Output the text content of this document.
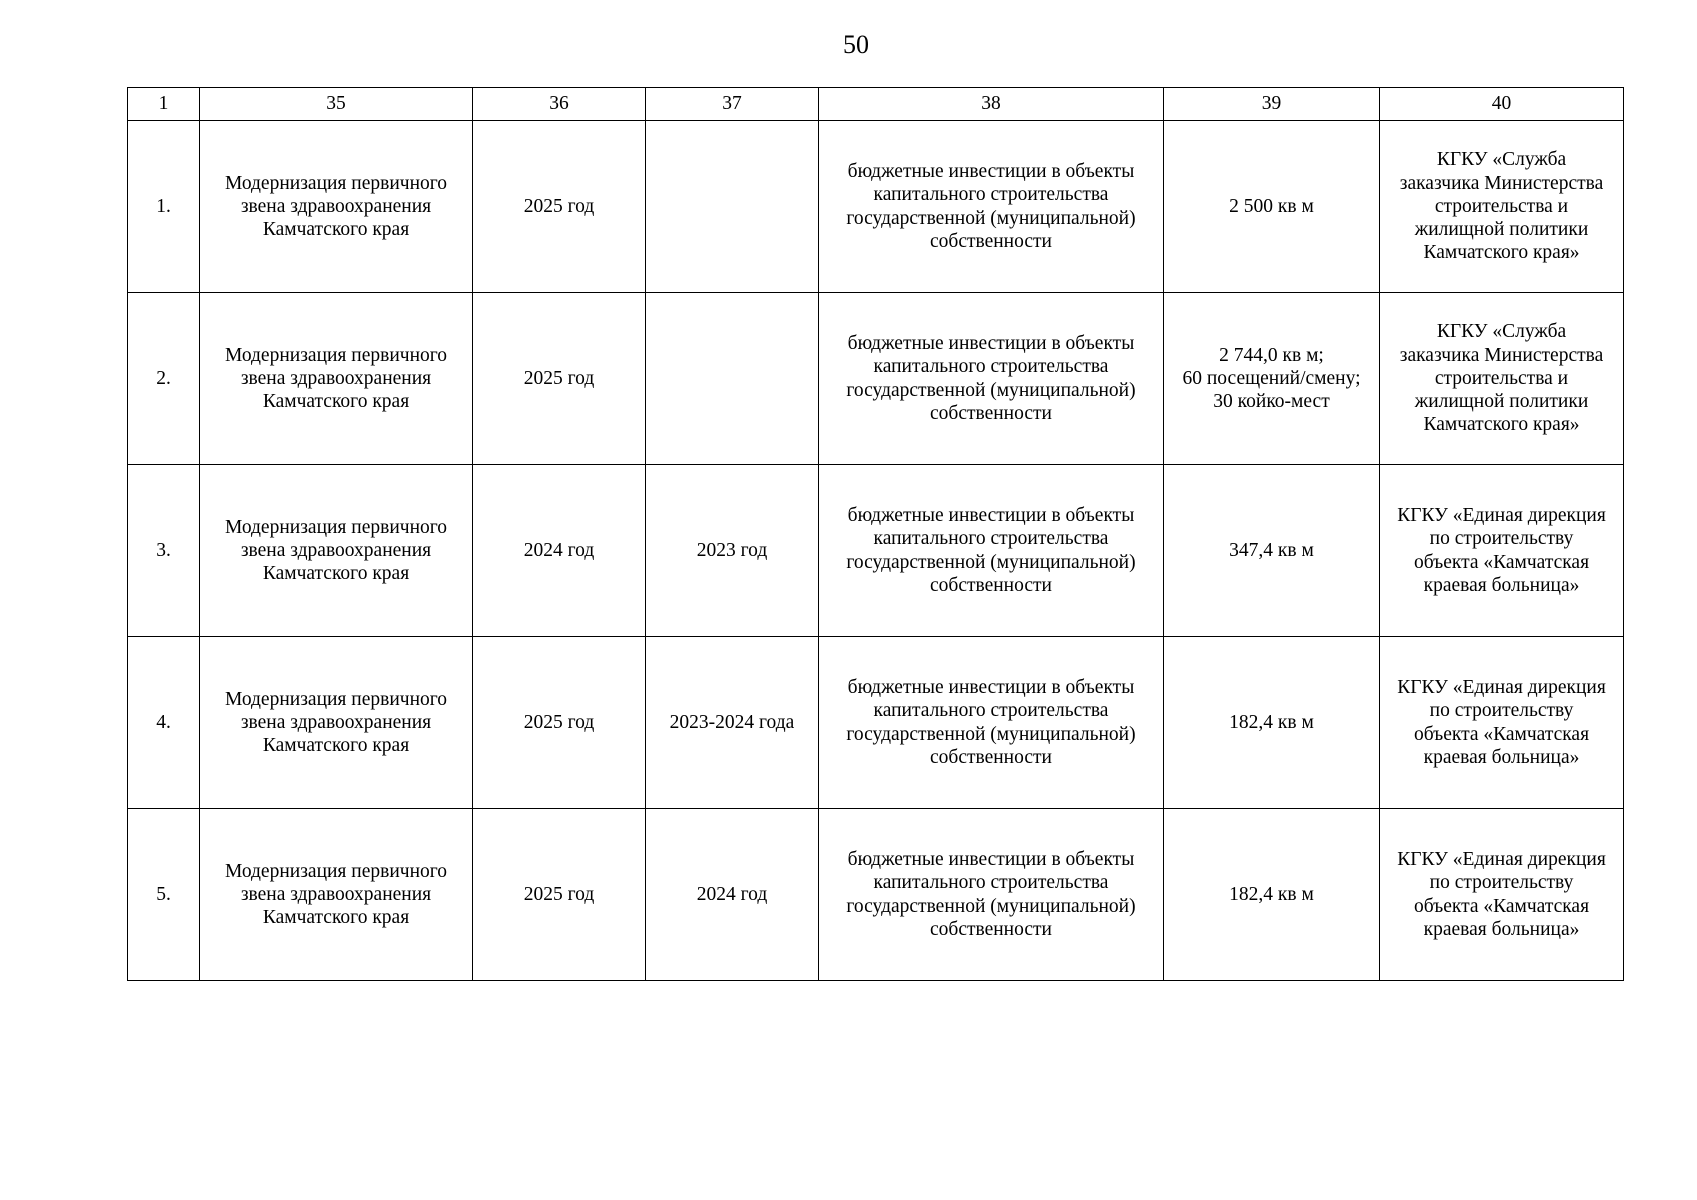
50
1	35	36	37	38	39	40
1.	Модернизация первичного
звена здравоохранения
Камчатского края	2025 год		бюджетные инвестиции в объекты
капитального строительства
государственной (муниципальной)
собственности	2 500 кв м	КГКУ «Служба
заказчика Министерства
строительства и
жилищной политики
Камчатского края»
2.	Модернизация первичного
звена здравоохранения
Камчатского края	2025 год		бюджетные инвестиции в объекты
капитального строительства
государственной (муниципальной)
собственности	2 744,0 кв м;
60 посещений/смену;
30 койко-мест	КГКУ «Служба
заказчика Министерства
строительства и
жилищной политики
Камчатского края»
3.	Модернизация первичного
звена здравоохранения
Камчатского края	2024 год	2023 год	бюджетные инвестиции в объекты
капитального строительства
государственной (муниципальной)
собственности	347,4 кв м	КГКУ «Единая дирекция
по строительству
объекта «Камчатская
краевая больница»
4.	Модернизация первичного
звена здравоохранения
Камчатского края	2025 год	2023-2024 года	бюджетные инвестиции в объекты
капитального строительства
государственной (муниципальной)
собственности	182,4 кв м	КГКУ «Единая дирекция
по строительству
объекта «Камчатская
краевая больница»
5.	Модернизация первичного
звена здравоохранения
Камчатского края	2025 год	2024 год	бюджетные инвестиции в объекты
капитального строительства
государственной (муниципальной)
собственности	182,4 кв м	КГКУ «Единая дирекция
по строительству
объекта «Камчатская
краевая больница»
